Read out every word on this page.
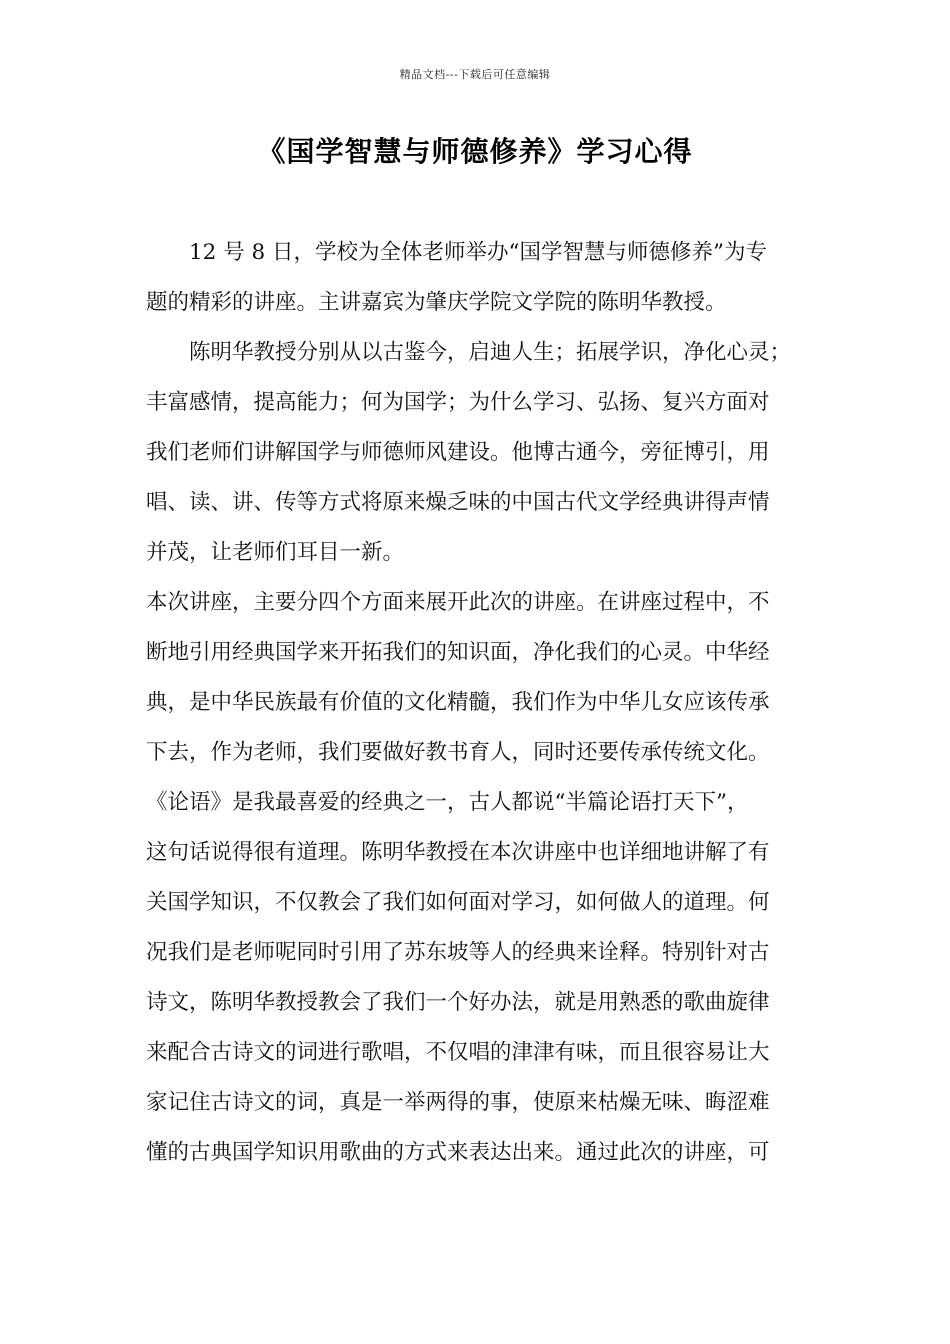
精品文档---下载后可任意编辑
《国学智慧与师德修养》学习心得
12 号 8 日，学校为全体老师举办“国学智慧与师德修养”为专
题的精彩的讲座。主讲嘉宾为肇庆学院文学院的陈明华教授。
陈明华教授分别从以古鉴今，启迪人生；拓展学识，净化心灵；
丰富感情，提高能力；何为国学；为什么学习、弘扬、复兴方面对
我们老师们讲解国学与师德师风建设。他博古通今，旁征博引，用
唱、读、讲、传等方式将原来燥乏味的中国古代文学经典讲得声情
并茂，让老师们耳目一新。
本次讲座，主要分四个方面来展开此次的讲座。在讲座过程中，不
断地引用经典国学来开拓我们的知识面，净化我们的心灵。中华经
典，是中华民族最有价值的文化精髓，我们作为中华儿女应该传承
下去，作为老师，我们要做好教书育人，同时还要传承传统文化。
《论语》是我最喜爱的经典之一，古人都说“半篇论语打天下”，
这句话说得很有道理。陈明华教授在本次讲座中也详细地讲解了有
关国学知识，不仅教会了我们如何面对学习，如何做人的道理。何
况我们是老师呢同时引用了苏东坡等人的经典来诠释。特别针对古
诗文，陈明华教授教会了我们一个好办法，就是用熟悉的歌曲旋律
来配合古诗文的词进行歌唱，不仅唱的津津有味，而且很容易让大
家记住古诗文的词，真是一举两得的事，使原来枯燥无味、晦涩难
懂的古典国学知识用歌曲的方式来表达出来。通过此次的讲座，可
